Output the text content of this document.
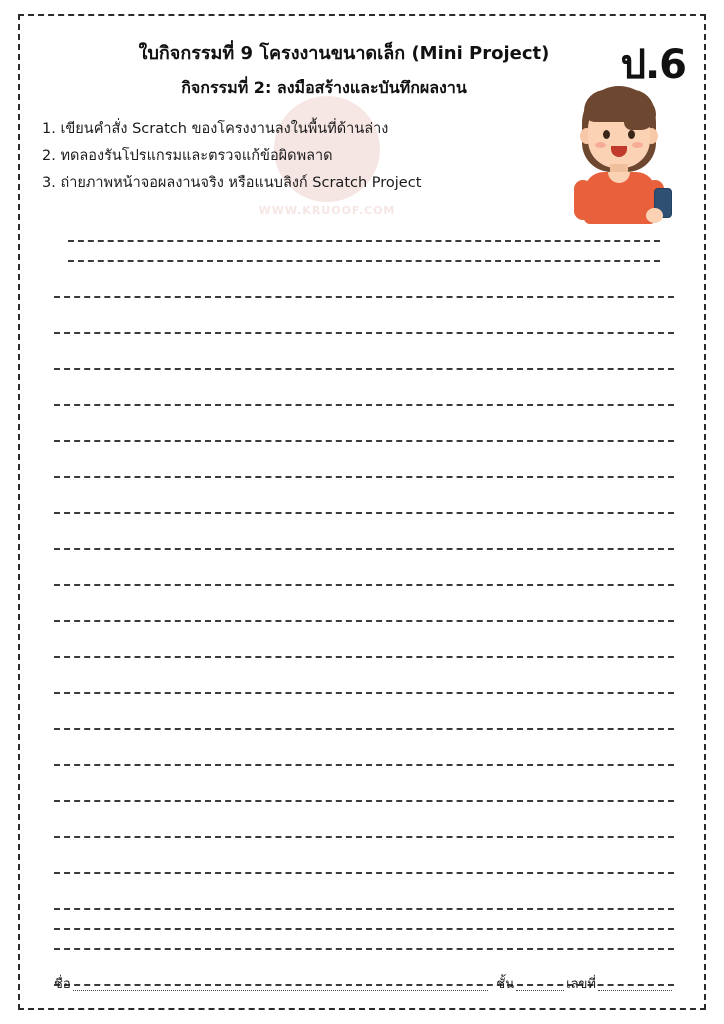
WWW.KRUOOF.COM
ป.6
ใบกิจกรรมที่ 9 โครงงานขนาดเล็ก (Mini Project)
กิจกรรมที่ 2: ลงมือสร้างและบันทึกผลงาน
1. เขียนคำสั่ง Scratch ของโครงงานลงในพื้นที่ด้านล่าง
2. ทดลองรันโปรแกรมและตรวจแก้ข้อผิดพลาด
3. ถ่ายภาพหน้าจอผลงานจริง หรือแนบลิงก์ Scratch Project
ชื่อ	ชั้น	เลขที่
